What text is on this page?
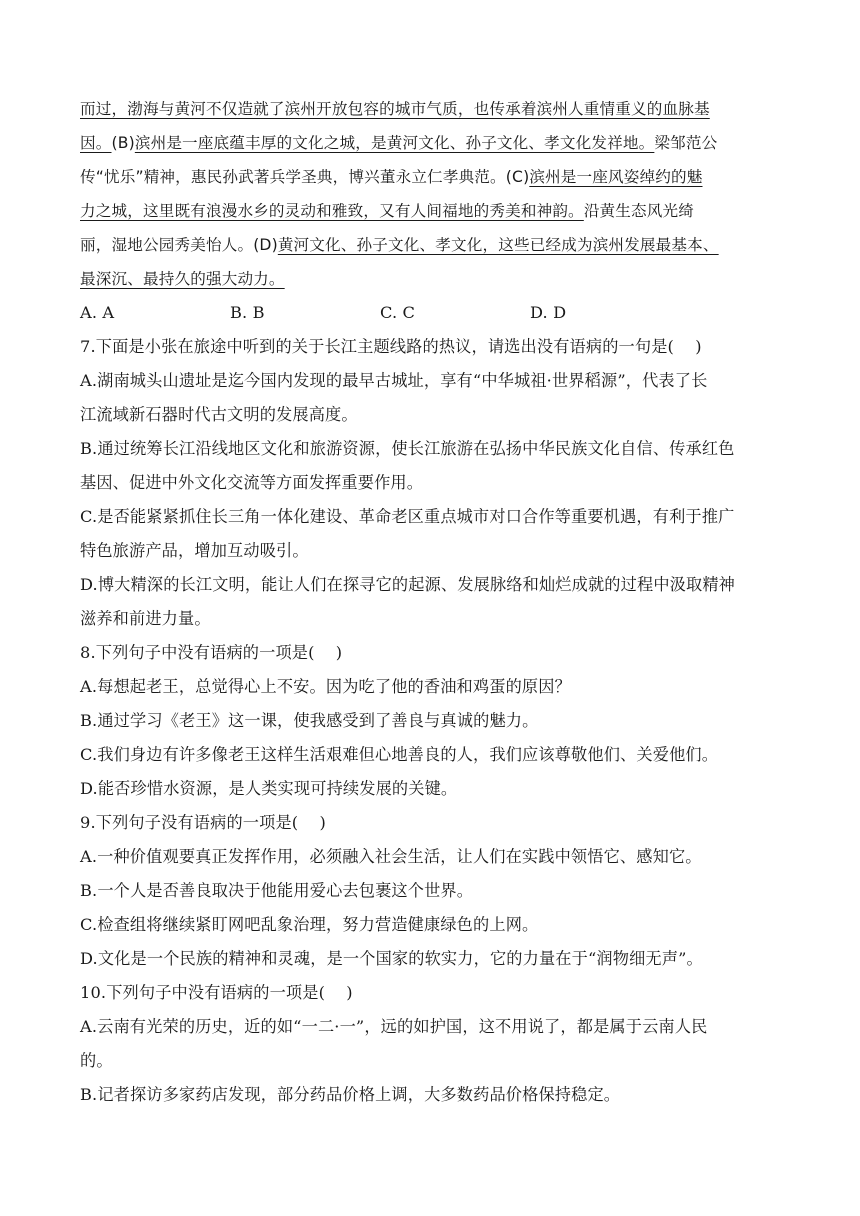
而过，渤海与黄河不仅造就了滨州开放包容的城市气质，也传承着滨州人重情重义的血脉基
因。(B)滨州是一座底蕴丰厚的文化之城，是黄河文化、孙子文化、孝文化发祥地。梁邹范公
传“忧乐”精神，惠民孙武著兵学圣典，博兴董永立仁孝典范。(C)滨州是一座风姿绰约的魅
力之城，这里既有浪漫水乡的灵动和雅致，又有人间福地的秀美和神韵。沿黄生态风光绮
丽，湿地公园秀美怡人。(D)黄河文化、孙子文化、孝文化，这些已经成为滨州发展最基本、
最深沉、最持久的强大动力。
A. A	B. B	C. C	D. D
7.下面是小张在旅途中听到的关于长江主题线路的热议，请选出没有语病的一句是(    )
A.湖南城头山遗址是迄今国内发现的最早古城址，享有“中华城祖·世界稻源”，代表了长
江流域新石器时代古文明的发展高度。
B.通过统筹长江沿线地区文化和旅游资源，使长江旅游在弘扬中华民族文化自信、传承红色
基因、促进中外文化交流等方面发挥重要作用。
C.是否能紧紧抓住长三角一体化建设、革命老区重点城市对口合作等重要机遇，有利于推广
特色旅游产品，增加互动吸引。
D.博大精深的长江文明，能让人们在探寻它的起源、发展脉络和灿烂成就的过程中汲取精神
滋养和前进力量。
8.下列句子中没有语病的一项是(    )
A.每想起老王，总觉得心上不安。因为吃了他的香油和鸡蛋的原因？
B.通过学习《老王》这一课，使我感受到了善良与真诚的魅力。
C.我们身边有许多像老王这样生活艰难但心地善良的人，我们应该尊敬他们、关爱他们。
D.能否珍惜水资源，是人类实现可持续发展的关键。
9.下列句子没有语病的一项是(    )
A.一种价值观要真正发挥作用，必须融入社会生活，让人们在实践中领悟它、感知它。
B.一个人是否善良取决于他能用爱心去包裹这个世界。
C.检查组将继续紧盯网吧乱象治理，努力营造健康绿色的上网。
D.文化是一个民族的精神和灵魂，是一个国家的软实力，它的力量在于“润物细无声”。
10.下列句子中没有语病的一项是(    )
A.云南有光荣的历史，近的如“一二·一”，远的如护国，这不用说了，都是属于云南人民
的。
B.记者探访多家药店发现，部分药品价格上调，大多数药品价格保持稳定。
